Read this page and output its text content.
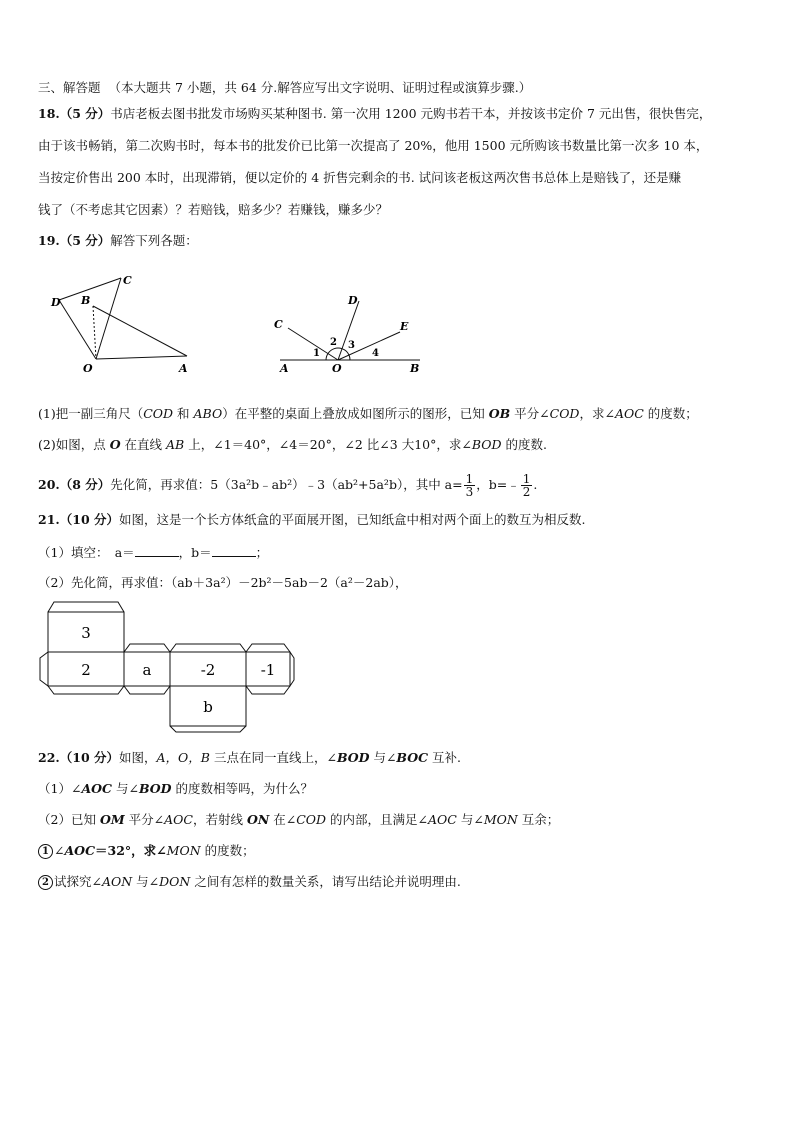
三、解答题 （本大题共 7 小题，共 64 分.解答应写出文字说明、证明过程或演算步骤.）
18.（5 分）书店老板去图书批发市场购买某种图书. 第一次用 1200 元购书若干本，并按该书定价 7 元出售，很快售完，
由于该书畅销，第二次购书时，每本书的批发价已比第一次提高了 20%，他用 1500 元所购该书数量比第一次多 10 本，
当按定价售出 200 本时，出现滞销，便以定价的 4 折售完剩余的书. 试问该老板这两次售书总体上是赔钱了，还是赚
钱了（不考虑其它因素）？若赔钱，赔多少？若赚钱，赚多少？
19.（5 分）解答下列各题：
D B
C
O	A
C
D
E
A	O	B
1
2 3
4
(1)把一副三角尺（COD 和 ABO）在平整的桌面上叠放成如图所示的图形，已知 OB 平分∠COD，求∠AOC 的度数；
(2)如图，点 O 在直线 AB 上，∠1＝40°，∠4＝20°，∠2 比∠3 大10°，求∠BOD 的度数.
20.（8 分）先化简，再求值：5（3a²b﹣ab²）﹣3（ab²+5a²b），其中 $a= \frac{1}{3}$ ，b=﹣ $\frac{1}{2}$ .
21.（10 分）如图，这是一个长方体纸盒的平面展开图，已知纸盒中相对两个面上的数互为相反数.
（1）填空：　a＝	，b＝	；
（2）先化简，再求值：（ab＋3a²）－2b²－5ab－2（a²－2ab），
3
2	a	-2	-1
b
22.（10 分）如图，A，O，B 三点在同一直线上，∠BOD 与∠BOC 互补.
（1）∠AOC 与∠BOD 的度数相等吗，为什么？
（2）已知 OM 平分∠AOC，若射线 ON 在∠COD 的内部，且满足∠AOC 与∠MON 互余；
1 ∠AOC＝32°，求∠MON 的度数；
2 试探究∠AON 与∠DON 之间有怎样的数量关系，请写出结论并说明理由.
